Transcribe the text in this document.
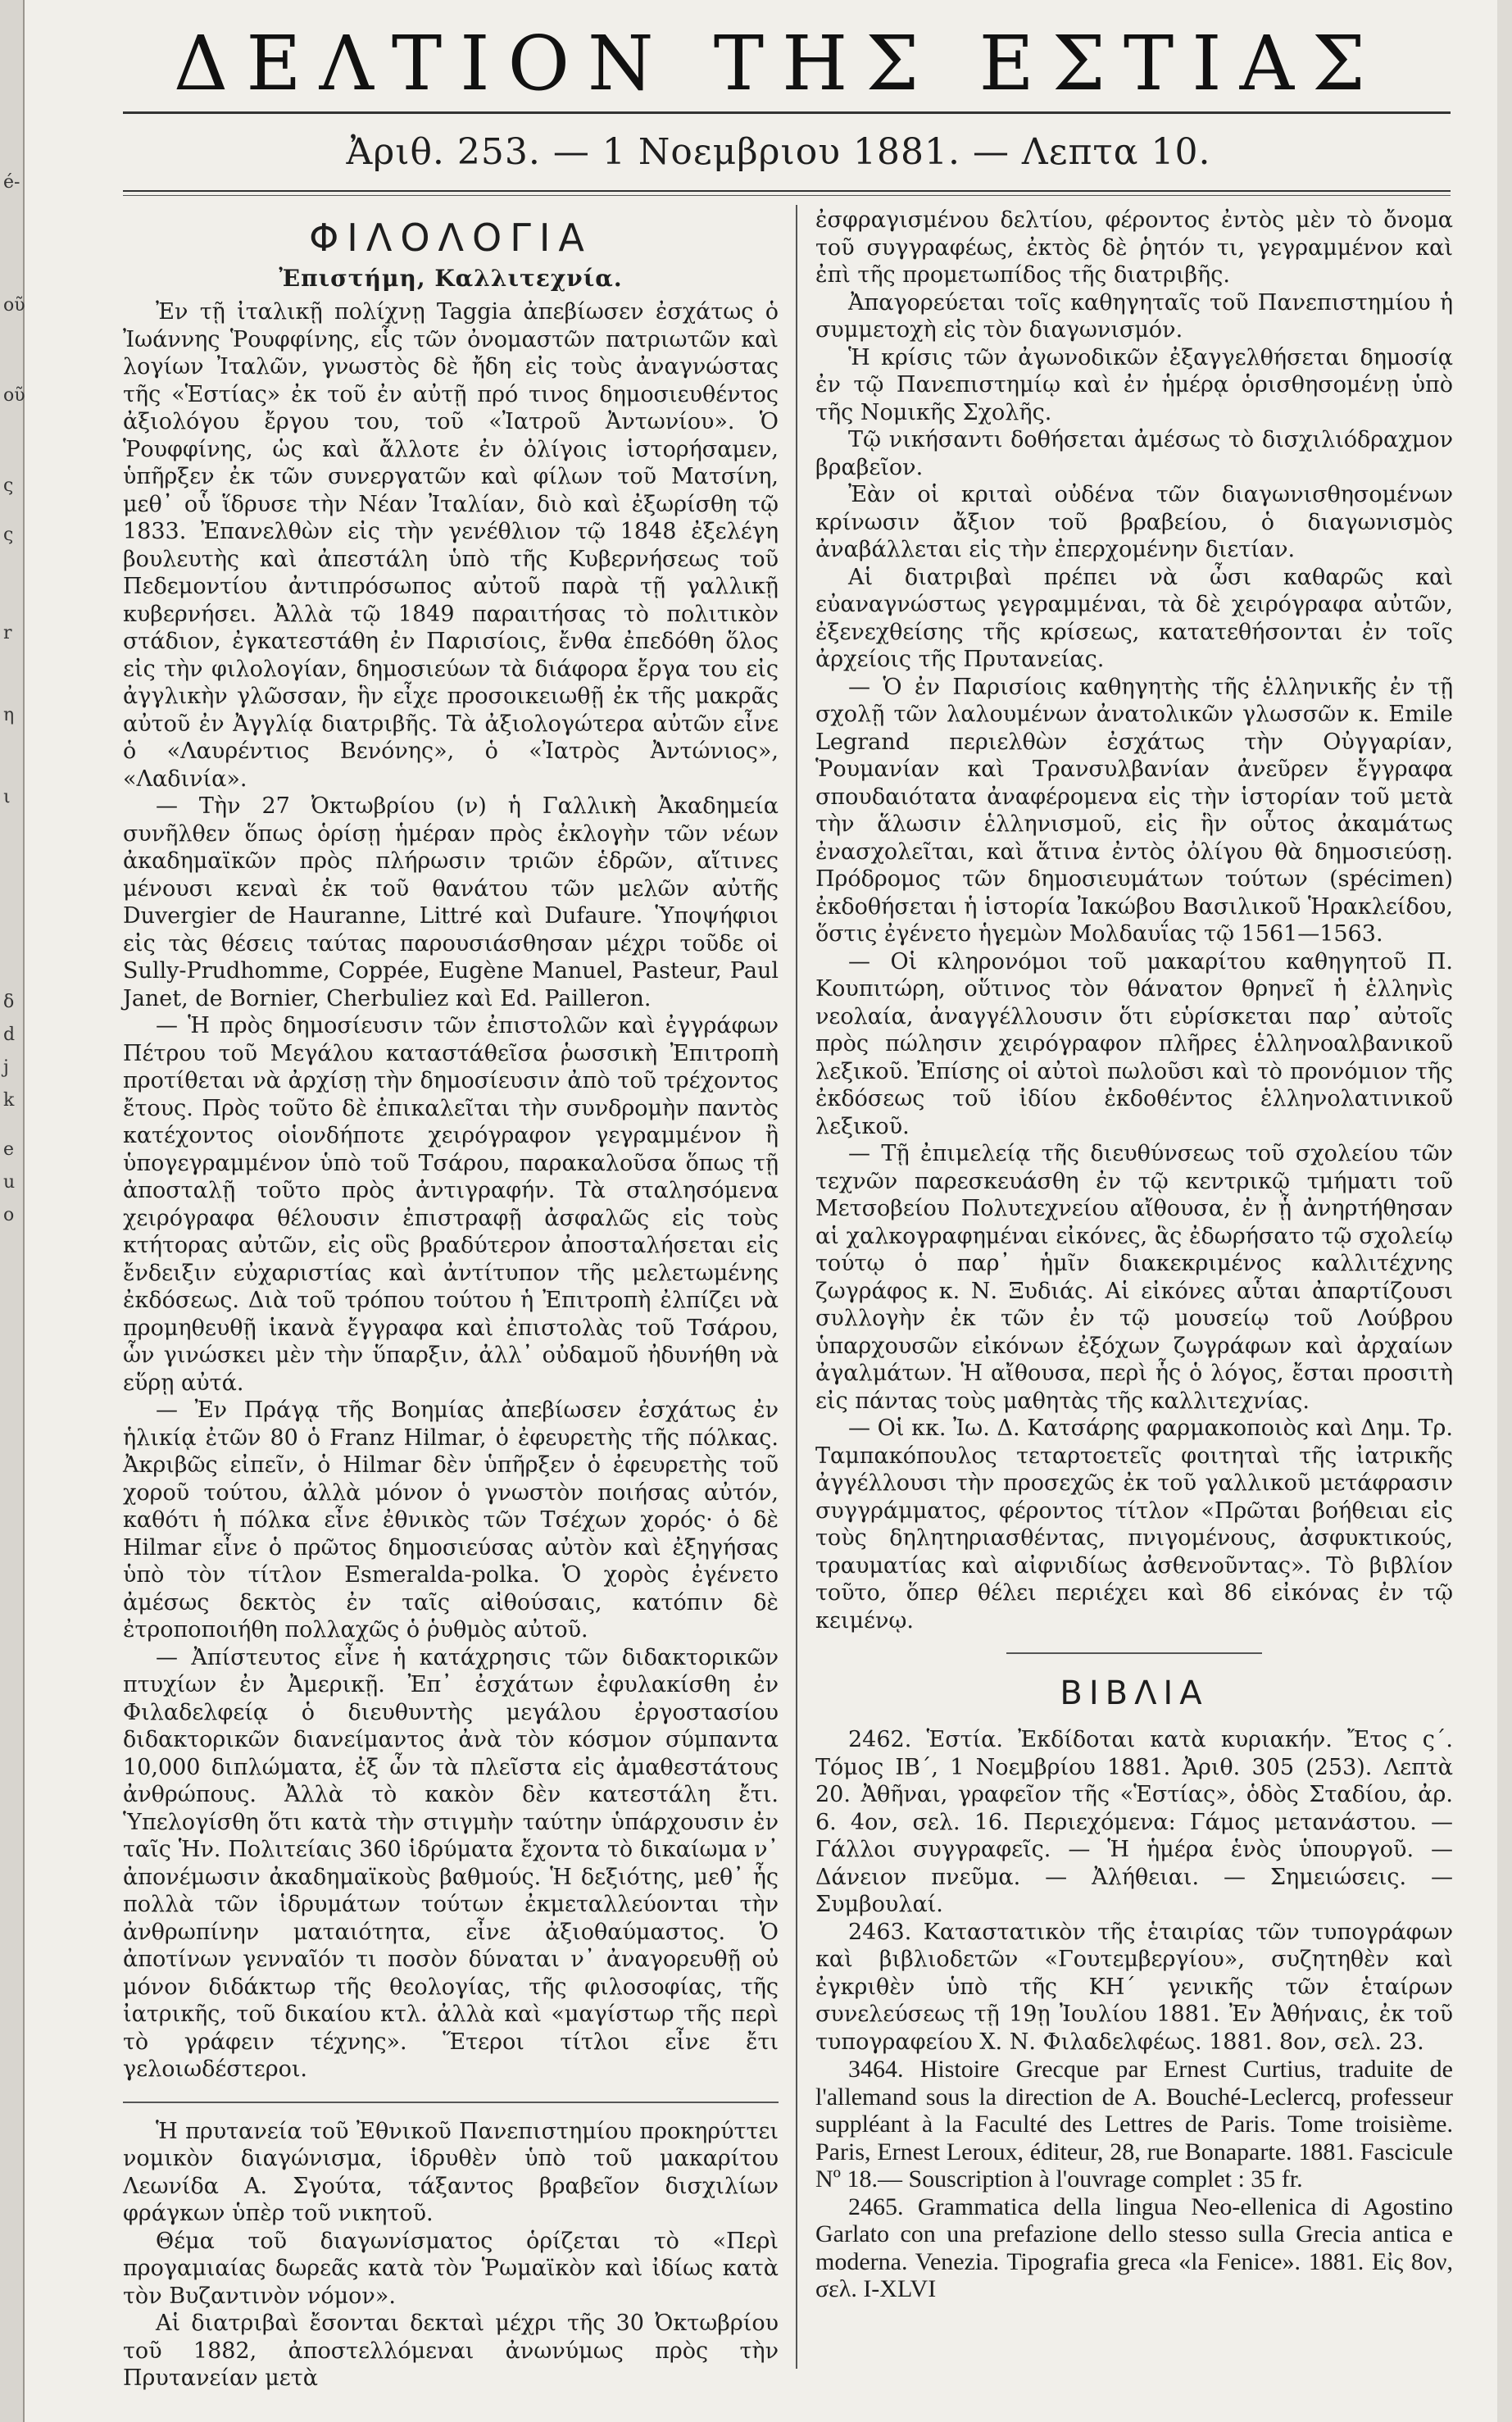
é-
οῦ
οῦ
ς
ς
r
η
ι
δ
d
j
k
e
u
o
ΔΕΛΤΙΟΝ ΤΗΣ ΕΣΤΙΑΣ
Ἀριθ. 253. — 1 Νοεμβριου 1881. — Λεπτα 10.
ΦΙΛΟΛΟΓΙΑ
Ἐπιστήμη, Καλλιτεχνία.

Ἐν τῇ ἰταλικῇ πολίχνῃ Taggia ἀπεβίωσεν ἐσχάτως ὁ Ἰωάννης Ῥουφφίνης, εἷς τῶν ὀνομαστῶν πατριωτῶν καὶ λογίων Ἰταλῶν, γνωστὸς δὲ ἤδη εἰς τοὺς ἀναγνώστας τῆς «Ἑστίας» ἐκ τοῦ ἐν αὐτῇ πρό τινος δημοσιευθέντος ἀξιολόγου ἔργου του, τοῦ «Ἰατροῦ Ἀντωνίου». Ὁ Ῥουφφίνης, ὡς καὶ ἄλλοτε ἐν ὀλίγοις ἱστορήσαμεν, ὑπῆρξεν ἐκ τῶν συνεργατῶν καὶ φίλων τοῦ Ματσίνη, μεθ᾽ οὗ ἵδρυσε τὴν Νέαν Ἰταλίαν, διὸ καὶ ἐξωρίσθη τῷ 1833. Ἐπανελθὼν εἰς τὴν γενέθλιον τῷ 1848 ἐξελέγη βουλευτὴς καὶ ἀπεστάλη ὑπὸ τῆς Κυβερνήσεως τοῦ Πεδεμοντίου ἀντιπρόσωπος αὐτοῦ παρὰ τῇ γαλλικῇ κυβερνήσει. Ἀλλὰ τῷ 1849 παραιτήσας τὸ πολιτικὸν στάδιον, ἐγκατεστάθη ἐν Παρισίοις, ἔνθα ἐπεδόθη ὅλος εἰς τὴν φιλολογίαν, δημοσιεύων τὰ διάφορα ἔργα του εἰς ἀγγλικὴν γλῶσσαν, ἣν εἶχε προσοικειωθῇ ἐκ τῆς μακρᾶς αὐτοῦ ἐν Ἀγγλίᾳ διατριβῆς. Τὰ ἀξιολογώτερα αὐτῶν εἶνε ὁ «Λαυρέντιος Βενόνης», ὁ «Ἰατρὸς Ἀντώνιος», «Λαδινία».

— Τὴν 27 Ὀκτωβρίου (ν) ἡ Γαλλικὴ Ἀκαδημεία συνῆλθεν ὅπως ὁρίσῃ ἡμέραν πρὸς ἐκλογὴν τῶν νέων ἀκαδημαϊκῶν πρὸς πλήρωσιν τριῶν ἑδρῶν, αἵτινες μένουσι κεναὶ ἐκ τοῦ θανάτου τῶν μελῶν αὐτῆς Duvergier de Hauranne, Littré καὶ Dufaure. Ὑποψήφιοι εἰς τὰς θέσεις ταύτας παρουσιάσθησαν μέχρι τοῦδε οἱ Sully-Prudhomme, Coppée, Eugène Manuel, Pasteur, Paul Janet, de Bornier, Cherbuliez καὶ Ed. Pailleron.

— Ἡ πρὸς δημοσίευσιν τῶν ἐπιστολῶν καὶ ἐγγράφων Πέτρου τοῦ Μεγάλου καταστάθεῖσα ῥωσσικὴ Ἐπιτροπὴ προτίθεται νὰ ἀρχίσῃ τὴν δημοσίευσιν ἀπὸ τοῦ τρέχοντος ἔτους. Πρὸς τοῦτο δὲ ἐπικαλεῖται τὴν συνδρομὴν παντὸς κατέχοντος οἱονδήποτε χειρόγραφον γεγραμμένον ἢ ὑπογεγραμμένον ὑπὸ τοῦ Τσάρου, παρακαλοῦσα ὅπως τῇ ἀποσταλῇ τοῦτο πρὸς ἀντιγραφήν. Τὰ σταλησόμενα χειρόγραφα θέλουσιν ἐπιστραφῇ ἀσφαλῶς εἰς τοὺς κτήτορας αὐτῶν, εἰς οὓς βραδύτερον ἀποσταλήσεται εἰς ἔνδειξιν εὐχαριστίας καὶ ἀντίτυπον τῆς μελετωμένης ἐκδόσεως. Διὰ τοῦ τρόπου τούτου ἡ Ἐπιτροπὴ ἐλπίζει νὰ προμηθευθῇ ἱκανὰ ἔγγραφα καὶ ἐπιστολὰς τοῦ Τσάρου, ὧν γινώσκει μὲν τὴν ὕπαρξιν, ἀλλ᾽ οὐδαμοῦ ἠδυνήθη νὰ εὕρῃ αὐτά.

— Ἐν Πράγᾳ τῆς Βοημίας ἀπεβίωσεν ἐσχάτως ἐν ἡλικίᾳ ἐτῶν 80 ὁ Franz Hilmar, ὁ ἐφευρετὴς τῆς πόλκας. Ἀκριβῶς εἰπεῖν, ὁ Hilmar δὲν ὑπῆρξεν ὁ ἐφευρετὴς τοῦ χοροῦ τούτου, ἀλλὰ μόνον ὁ γνωστὸν ποιήσας αὐτόν, καθότι ἡ πόλκα εἶνε ἐθνικὸς τῶν Τσέχων χορός· ὁ δὲ Hilmar εἶνε ὁ πρῶτος δημοσιεύσας αὐτὸν καὶ ἐξηγήσας ὑπὸ τὸν τίτλον Esmeralda-polka. Ὁ χορὸς ἐγένετο ἀμέσως δεκτὸς ἐν ταῖς αἰθούσαις, κατόπιν δὲ ἐτροποποιήθη πολλαχῶς ὁ ῥυθμὸς αὐτοῦ.

— Ἀπίστευτος εἶνε ἡ κατάχρησις τῶν διδακτορικῶν πτυχίων ἐν Ἀμερικῇ. Ἐπ᾽ ἐσχάτων ἐφυλακίσθη ἐν Φιλαδελφείᾳ ὁ διευθυντὴς μεγάλου ἐργοστασίου διδακτορικῶν διανείμαντος ἀνὰ τὸν κόσμον σύμπαντα 10,000 διπλώματα, ἐξ ὧν τὰ πλεῖστα εἰς ἀμαθεστάτους ἀνθρώπους. Ἀλλὰ τὸ κακὸν δὲν κατεστάλη ἔτι. Ὑπελογίσθη ὅτι κατὰ τὴν στιγμὴν ταύτην ὑπάρχουσιν ἐν ταῖς Ἡν. Πολιτείαις 360 ἱδρύματα ἔχοντα τὸ δικαίωμα ν᾽ ἀπονέμωσιν ἀκαδημαϊκοὺς βαθμούς. Ἡ δεξιότης, μεθ᾽ ἧς πολλὰ τῶν ἱδρυμάτων τούτων ἐκμεταλλεύονται τὴν ἀνθρωπίνην ματαιότητα, εἶνε ἀξιοθαύμαστος. Ὁ ἀποτίνων γενναῖόν τι ποσὸν δύναται ν᾽ ἀναγορευθῇ οὐ μόνον διδάκτωρ τῆς θεολογίας, τῆς φιλοσοφίας, τῆς ἰατρικῆς, τοῦ δικαίου κτλ. ἀλλὰ καὶ «μαγίστωρ τῆς περὶ τὸ γράφειν τέχνης». Ἕτεροι τίτλοι εἶνε ἔτι γελοιωδέστεροι.

Ἡ πρυτανεία τοῦ Ἐθνικοῦ Πανεπιστημίου προκηρύττει νομικὸν διαγώνισμα, ἱδρυθὲν ὑπὸ τοῦ μακαρίτου Λεωνίδα Α. Σγούτα, τάξαντος βραβεῖον δισχιλίων φράγκων ὑπὲρ τοῦ νικητοῦ.

Θέμα τοῦ διαγωνίσματος ὁρίζεται τὸ «Περὶ προγαμιαίας δωρεᾶς κατὰ τὸν Ῥωμαϊκὸν καὶ ἰδίως κατὰ τὸν Βυζαντινὸν νόμον».

Αἱ διατριβαὶ ἔσονται δεκταὶ μέχρι τῆς 30 Ὀκτωβρίου τοῦ 1882, ἀποστελλόμεναι ἀνωνύμως πρὸς τὴν Πρυτανείαν μετὰ

ἐσφραγισμένου δελτίου, φέροντος ἐντὸς μὲν τὸ ὄνομα τοῦ συγγραφέως, ἐκτὸς δὲ ῥητόν τι, γεγραμμένον καὶ ἐπὶ τῆς προμετωπίδος τῆς διατριβῆς.

Ἀπαγορεύεται τοῖς καθηγηταῖς τοῦ Πανεπιστημίου ἡ συμμετοχὴ εἰς τὸν διαγωνισμόν.

Ἡ κρίσις τῶν ἀγωνοδικῶν ἐξαγγελθήσεται δημοσίᾳ ἐν τῷ Πανεπιστημίῳ καὶ ἐν ἡμέρᾳ ὁρισθησομένῃ ὑπὸ τῆς Νομικῆς Σχολῆς.

Τῷ νικήσαντι δοθήσεται ἀμέσως τὸ δισχιλιόδραχμον βραβεῖον.

Ἐὰν οἱ κριταὶ οὐδένα τῶν διαγωνισθησομένων κρίνωσιν ἄξιον τοῦ βραβείου, ὁ διαγωνισμὸς ἀναβάλλεται εἰς τὴν ἐπερχομένην διετίαν.

Αἱ διατριβαὶ πρέπει νὰ ὦσι καθαρῶς καὶ εὐαναγνώστως γεγραμμέναι, τὰ δὲ χειρόγραφα αὐτῶν, ἐξενεχθείσης τῆς κρίσεως, κατατεθήσονται ἐν τοῖς ἀρχείοις τῆς Πρυτανείας.

— Ὁ ἐν Παρισίοις καθηγητὴς τῆς ἑλληνικῆς ἐν τῇ σχολῇ τῶν λαλουμένων ἀνατολικῶν γλωσσῶν κ. Emile Legrand περιελθὼν ἐσχάτως τὴν Οὐγγαρίαν, Ῥουμανίαν καὶ Τρανσυλβανίαν ἀνεῦρεν ἔγγραφα σπουδαιότατα ἀναφέρομενα εἰς τὴν ἱστορίαν τοῦ μετὰ τὴν ἅλωσιν ἑλληνισμοῦ, εἰς ἣν οὗτος ἀκαμάτως ἐνασχολεῖται, καὶ ἅτινα ἐντὸς ὀλίγου θὰ δημοσιεύσῃ. Πρόδρομος τῶν δημοσιευμάτων τούτων (spécimen) ἐκδοθήσεται ἡ ἱστορία Ἰακώβου Βασιλικοῦ Ἡρακλείδου, ὅστις ἐγένετο ἡγεμὼν Μολδαυΐας τῷ 1561—1563.

— Οἱ κληρονόμοι τοῦ μακαρίτου καθηγητοῦ Π. Κουπιτώρη, οὕτινος τὸν θάνατον θρηνεῖ ἡ ἑλληνὶς νεολαία, ἀναγγέλλουσιν ὅτι εὑρίσκεται παρ᾽ αὐτοῖς πρὸς πώλησιν χειρόγραφον πλῆρες ἑλληνοαλβανικοῦ λεξικοῦ. Ἐπίσης οἱ αὐτοὶ πωλοῦσι καὶ τὸ προνόμιον τῆς ἐκδόσεως τοῦ ἰδίου ἐκδοθέντος ἑλληνολατινικοῦ λεξικοῦ.

— Τῇ ἐπιμελείᾳ τῆς διευθύνσεως τοῦ σχολείου τῶν τεχνῶν παρεσκευάσθη ἐν τῷ κεντρικῷ τμήματι τοῦ Μετσοβείου Πολυτεχνείου αἴθουσα, ἐν ᾗ ἀνηρτήθησαν αἱ χαλκογραφημέναι εἰκόνες, ἃς ἐδωρήσατο τῷ σχολείῳ τούτῳ ὁ παρ᾽ ἡμῖν διακεκριμένος καλλιτέχνης ζωγράφος κ. Ν. Ξυδιάς. Αἱ εἰκόνες αὗται ἀπαρτίζουσι συλλογὴν ἐκ τῶν ἐν τῷ μουσείῳ τοῦ Λούβρου ὑπαρχουσῶν εἰκόνων ἐξόχων ζωγράφων καὶ ἀρχαίων ἀγαλμάτων. Ἡ αἴθουσα, περὶ ἧς ὁ λόγος, ἔσται προσιτὴ εἰς πάντας τοὺς μαθητὰς τῆς καλλιτεχνίας.

— Οἱ κκ. Ἰω. Δ. Κατσάρης φαρμακοποιὸς καὶ Δημ. Τρ. Ταμπακόπουλος τεταρτοετεῖς φοιτηταὶ τῆς ἰατρικῆς ἀγγέλλουσι τὴν προσεχῶς ἐκ τοῦ γαλλικοῦ μετάφρασιν συγγράμματος, φέροντος τίτλον «Πρῶται βοήθειαι εἰς τοὺς δηλητηριασθέντας, πνιγομένους, ἀσφυκτικούς, τραυματίας καὶ αἰφνιδίως ἀσθενοῦντας». Τὸ βιβλίον τοῦτο, ὅπερ θέλει περιέχει καὶ 86 εἰκόνας ἐν τῷ κειμένῳ.

ΒΙΒΛΙΑ

2462. Ἑστία. Ἐκδίδοται κατὰ κυριακήν. Ἔτος ς΄. Τόμος ΙΒ΄, 1 Νοεμβρίου 1881. Ἀριθ. 305 (253). Λεπτὰ 20. Ἀθῆναι, γραφεῖον τῆς «Ἑστίας», ὁδὸς Σταδίου, ἀρ. 6. 4ον, σελ. 16. Περιεχόμενα: Γάμος μετανάστου. — Γάλλοι συγγραφεῖς. — Ἡ ἡμέρα ἑνὸς ὑπουργοῦ. — Δάνειον πνεῦμα. — Ἀλήθειαι. — Σημειώσεις. — Συμβουλαί.

2463. Καταστατικὸν τῆς ἑταιρίας τῶν τυπογράφων καὶ βιβλιοδετῶν «Γουτεμβεργίου», συζητηθὲν καὶ ἐγκριθὲν ὑπὸ τῆς ΚΗ΄ γενικῆς τῶν ἑταίρων συνελεύσεως τῇ 19ῃ Ἰουλίου 1881. Ἐν Ἀθήναις, ἐκ τοῦ τυπογραφείου Χ. Ν. Φιλαδελφέως. 1881. 8ον, σελ. 23.

3464. Histoire Grecque par Ernest Curtius, traduite de l'allemand sous la direction de A. Bouché-Leclercq, professeur suppléant à la Faculté des Lettres de Paris. Tome troisième. Paris, Ernest Leroux, éditeur, 28, rue Bonaparte. 1881. Fascicule Nº 18.— Souscription à l'ouvrage complet : 35 fr.

2465. Grammatica della lingua Neo-ellenica di Agostino Garlato con una prefazione dello stesso sulla Grecia antica e moderna. Venezia. Tipografia greca «la Fenice». 1881. Εἰς 8ον, σελ. I-XLVI
